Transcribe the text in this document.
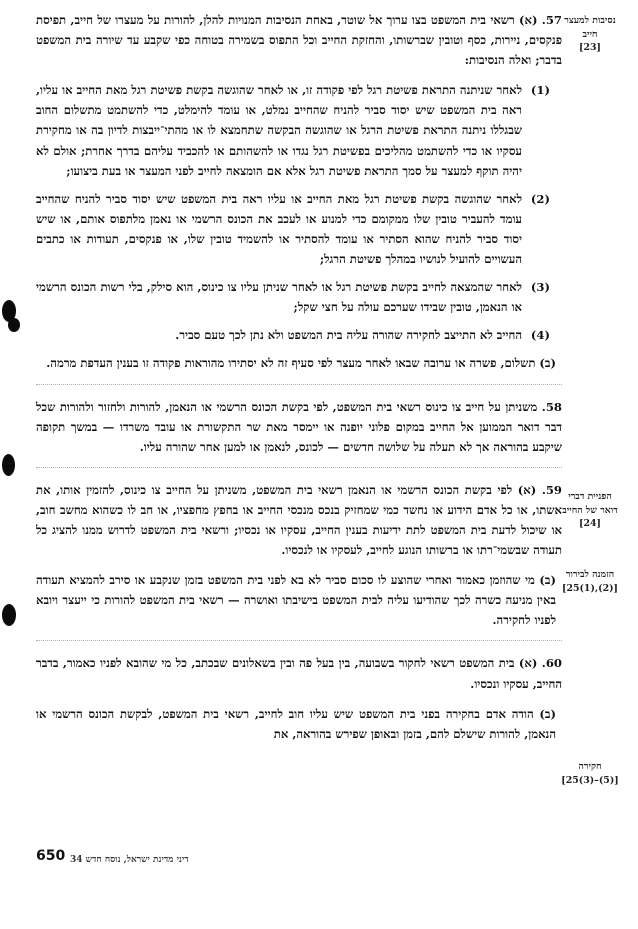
נסיבות למעצר
חייב
[23]
הפניית דברי
דואר של החייב
[24]
הזמנה לבירור
[(2),(1)25]
חקירה
[(5)–(3)25]
57. (א) רשאי בית המשפט בצו ערוך אל שוטר, באחת הנסיבות המנויות להלן, להורות על מעצרו של חייב, תפיסת פנקסים, ניירות, כסף וטובין שברשותו, והחזקת החייב וכל התפוס בשמירה בטוחה כפי שקבע עד שיורה בית המשפט בדבר; ואלה הנסיבות:
(1)
לאחר שניתנה התראת פשיטת רגל לפי פקודה זו, או לאחר שהוגשה בקשת פשיטת רגל מאת החייב או עליו, ראה בית המשפט שיש יסוד סביר להניח שהחייב נמלט, או עומד להימלט, כדי להשתמט מתשלום החוב שבגללו ניתנה התראת פשיטת הרגל או שהוגשה הבקשה שתחמצא לו או מהתי־ייבצות לדיון בה או מחקירת עסקיו או כדי להשתמט מהליכים בפשיטת רגל נגדו או להשהותם או להכביד עליהם בדרך אחרת; אולם לא יהיה תוקף למעצר על סמך התראת פשיטת רגל אלא אם הומצאה לחייב לפני המעצר או בעת ביצועו;
(2)
לאחר שהוגשה בקשת פשיטת רגל מאת החייב או עליו ראה בית המשפט שיש יסוד סביר להניח שהחייב עומד להעביר טובין שלו ממקומם כדי למנוע או לעכב את הכונס הרשמי או נאמן מלתפוס אותם, או שיש יסוד סביר להניח שהוא הסתיר או עומד להסתיר או להשמיד טובין שלו, או פנקסים, תעודות או כתבים העשויים להועיל לנושיו במהלך פשיטת הרגל;
(3)
לאחר שהמצאה לחייב בקשת פשיטת רגל או לאחר שניתן עליו צו כינוס, הוא סילק, בלי רשות הכונס הרשמי או הנאמן, טובין שבידו שערכם עולה על חצי שקל;
(4)
החייב לא התייצב לחקירה שהורה עליה בית המשפט ולא נתן לכך טעם סביר.
(ב) תשלום, פשרה או ערובה שבאו לאחר מעצר לפי סעיף זה לא יסתירו מהוראות פקודה זו בענין העדפת מרמה.
58. משניתן על חייב צו כינוס רשאי בית המשפט, לפי בקשת הכונס הרשמי או הנאמן, להורות ולחזור ולהורות שכל דבר דואר הממוען אל החייב במקום פלוני יופנה או יימסר מאת שר התקשורת או עובד משרדו — במשך תקופה שיקבע בהוראה אך לא תעלה על שלושה חדשים — לכונס, לנאמן או למען אחר שהורה עליו.
59. (א) לפי בקשת הכונס הרשמי או הנאמן רשאי בית המשפט, משניתן על החייב צו כינוס, להזמין אותו, את אשתו, או כל אדם הידוע או נחשד כמי שמחזיק בנכס מנכסי החייב או בחפץ מחפציו, או חב לו כשהוא מחשב חוב, או שיכול לדעת בית המשפט לתת ידיעות בענין החייב, עסקיו או נכסיו; ורשאי בית המשפט לדרוש ממנו להציג כל תעודה שבשמי־רתו או ברשותו הנוגע לחייב, לעסקיו או לנכסיו.
(ב) מי שהוזמן כאמור ואחרי שהוצע לו סכום סביר לא בא לפני בית המשפט בזמן שנקבע או סירב להמציא תעודה באין מניעה כשרה לכך שהודיעו עליה לבית המשפט בישיבתו ואושרה — רשאי בית המשפט להורות כי ייעצר ויובא לפניו לחקירה.
60. (א) בית המשפט רשאי לחקור בשבועה, בין בעל פה ובין בשאלונים שבכתב, כל מי שהובא לפניו כאמור, בדבר החייב, עסקיו ונכסיו.
(ב) הודה אדם בחקירה בפני בית המשפט שיש עליו חוב לחייב, רשאי בית המשפט, לבקשת הכונס הרשמי או הנאמן, להורות שישלם להם, בזמן ובאופן שפירש בהוראה, את
650 דיני מדינת ישראל, נוסח חדש 34
